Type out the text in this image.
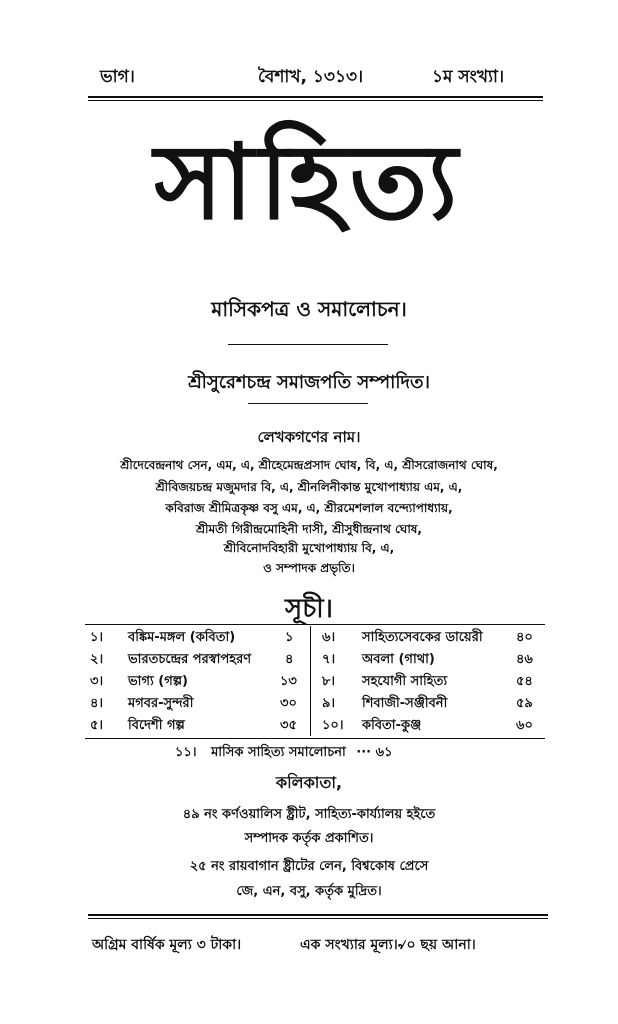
ভাগ।	বৈশাখ, ১৩১৩।	১ম সংখ্যা।
সাহিত্য
মাসিকপত্র ও সমালোচন।
শ্রীসুরেশচন্দ্র সমাজপতি সম্পাদিত।
লেখকগণের নাম।
শ্রীদেবেন্দ্রনাথ সেন, এম, এ, শ্রীহেমেন্দ্রপ্রসাদ ঘোষ, বি, এ, শ্রীসরোজনাথ ঘোষ,
শ্রীবিজয়চন্দ্র মজুমদার বি, এ, শ্রীনলিনীকান্ত মুখোপাধ্যায় এম, এ,
কবিরাজ শ্রীমিত্রকৃষ্ণ বসু এম, এ, শ্রীরমেশলাল বন্দ্যোপাধ্যায়,
শ্রীমতী গিরীন্দ্রমোহিনী দাসী, শ্রীসুধীন্দ্রনাথ ঘোষ,
শ্রীবিনোদবিহারী মুখোপাধ্যায় বি, এ,
ও সম্পাদক প্রভৃতি।
সূচী।
১। বঙ্কিম-মঙ্গল (কবিতা)	১ ৬। সাহিত্যসেবকের ডায়েরী	৪০
২। ভারতচন্দ্রের পরস্বাপহরণ	৪ ৭। অবলা (গাথা)	৪৬
৩। ভাগ্য (গল্প)	১৩ ৮। সহযোগী সাহিত্য	৫৪
৪। মগবর-সুন্দরী	৩০ ৯। শিবাজী-সঞ্জীবনী	৫৯
৫। বিদেশী গল্প	৩৫ ১০। কবিতা-কুঞ্জ	৬০
১১। মাসিক সাহিত্য সমালোচনা ··· ৬১
কলিকাতা,
৪৯ নং কর্ণওয়ালিস ষ্ট্রীট, সাহিত্য-কার্য্যালয় হইতে
সম্পাদক কর্তৃক প্রকাশিত।
২৫ নং রায়বাগান ষ্ট্রীটের লেন, বিশ্বকোষ প্রেসে
জে, এন, বসু, কর্তৃক মুদ্রিত।
অগ্রিম বার্ষিক মূল্য ৩ টাকা।	এক সংখ্যার মূল্য।৵০ ছয় আনা।
